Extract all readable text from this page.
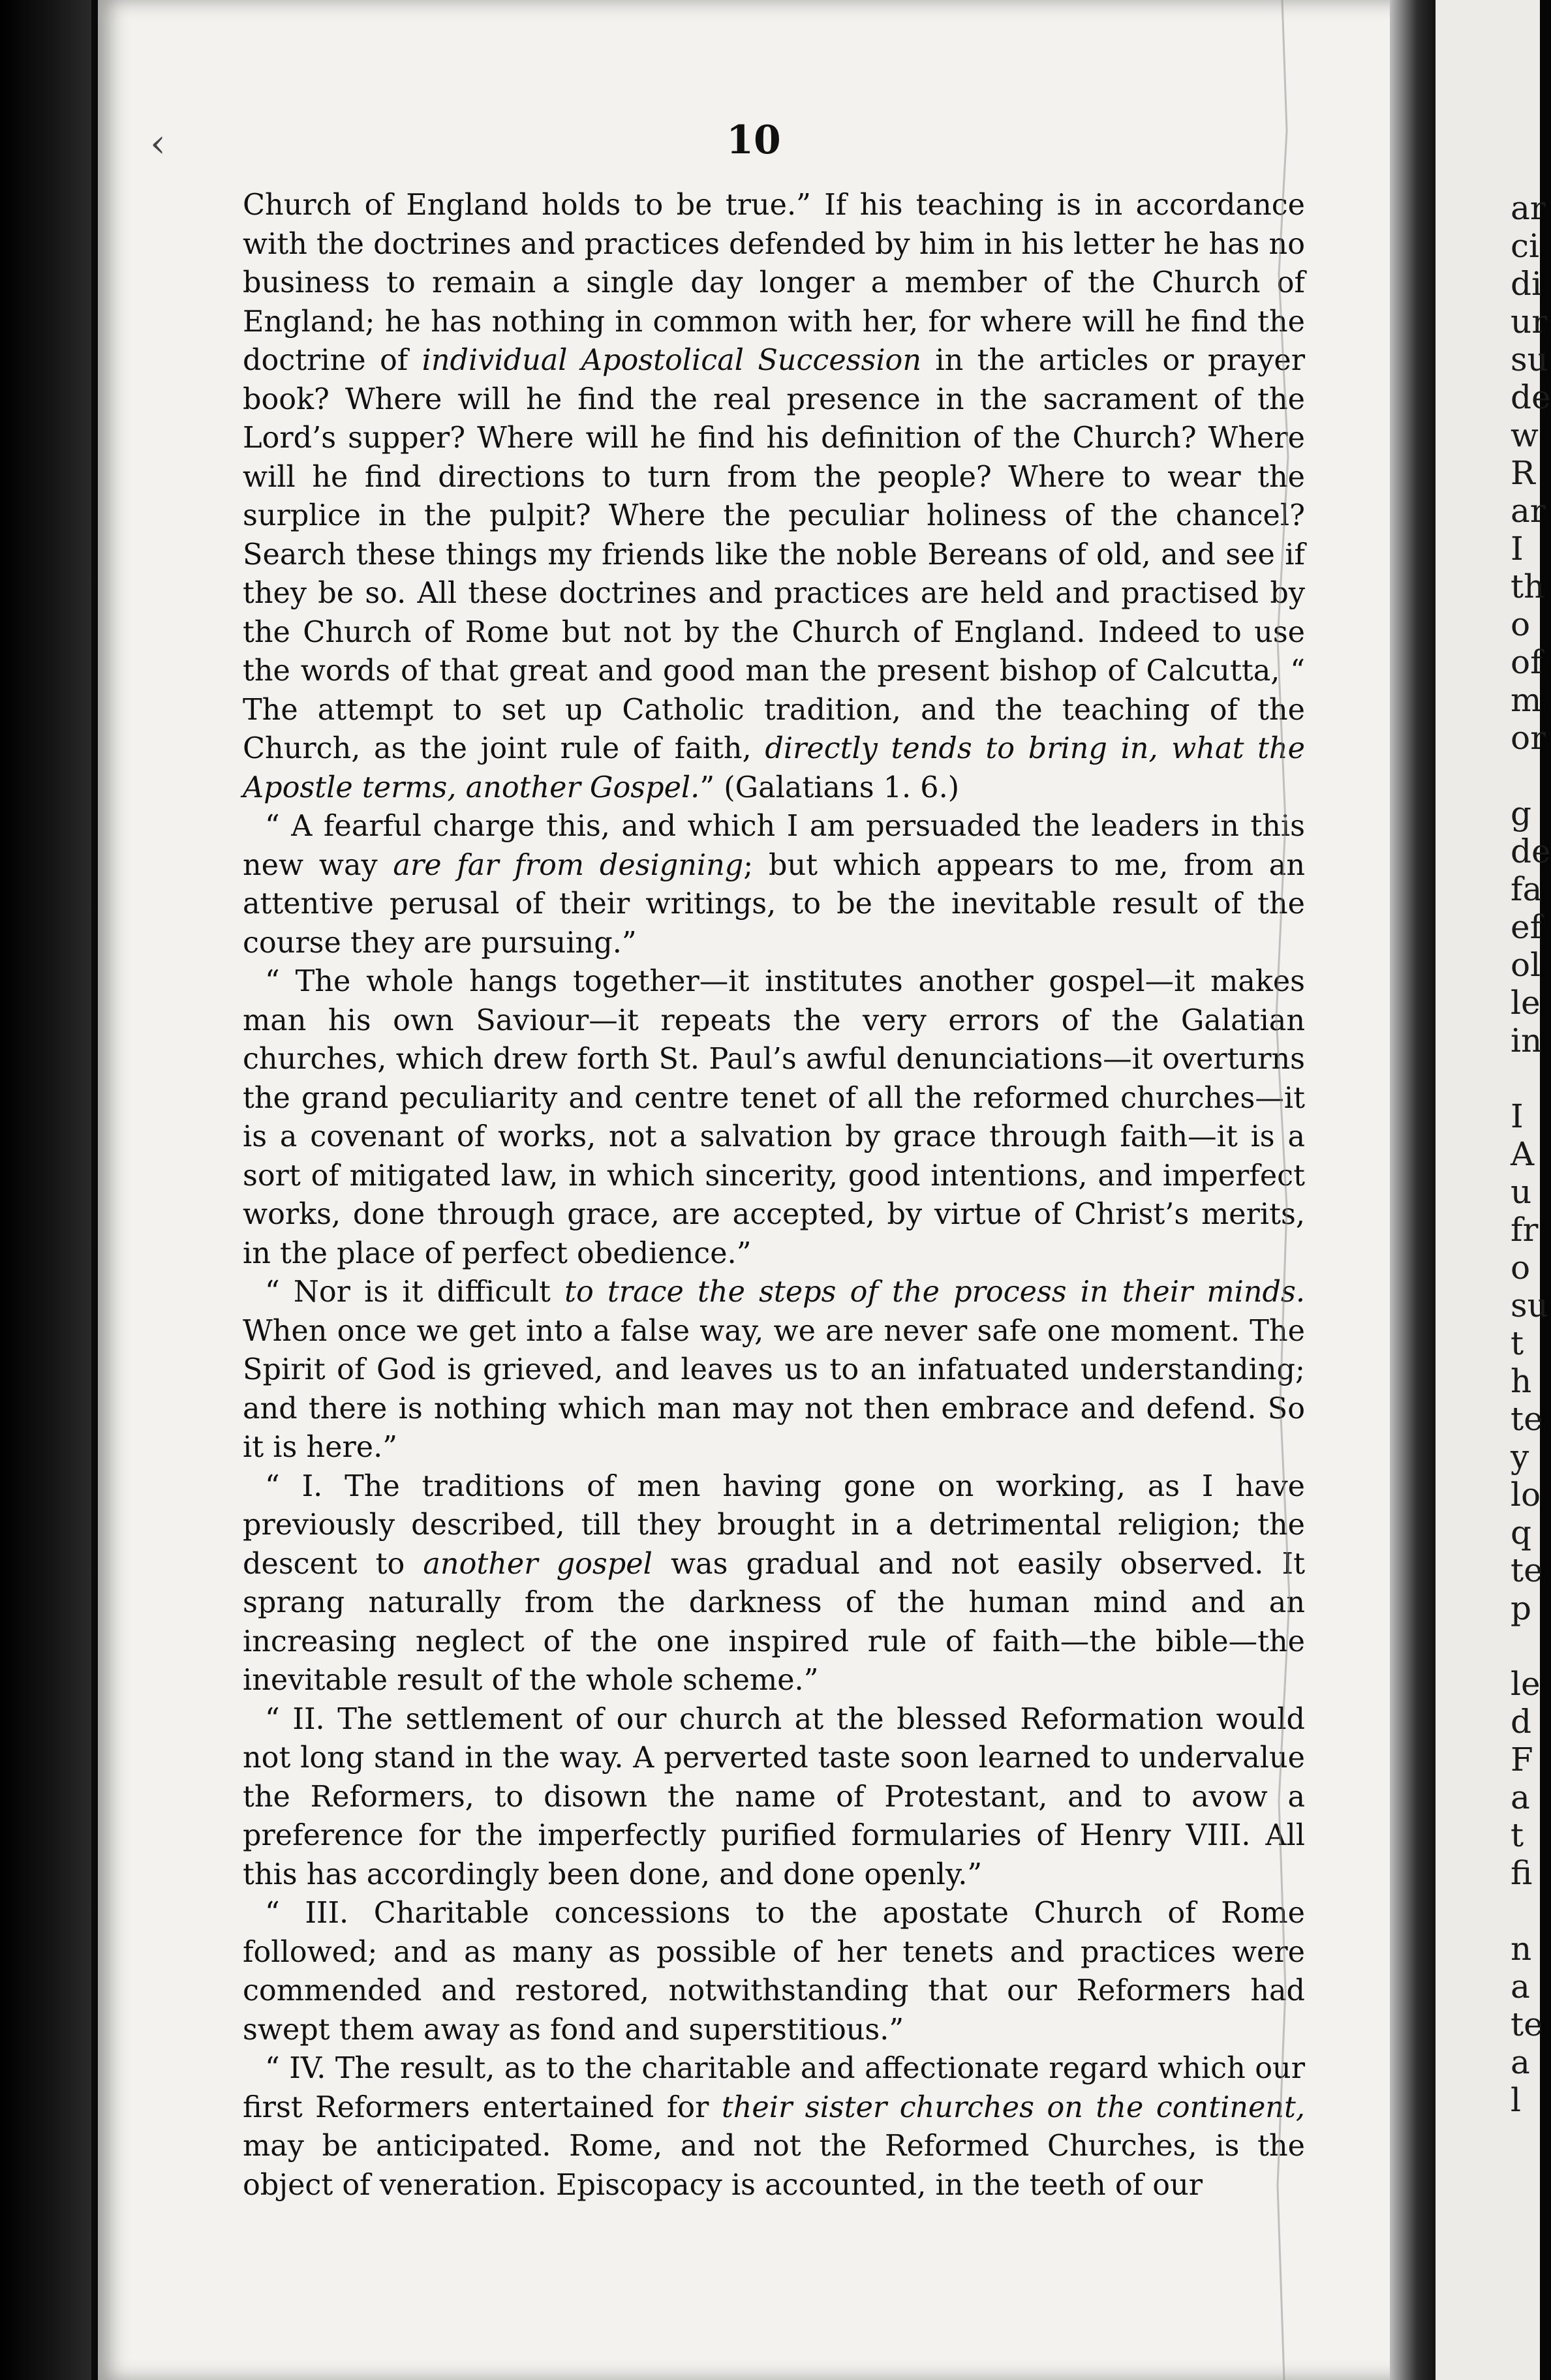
‹	10

Church of England holds to be true.” If his teaching is in accordance with the doctrines and practices defended by him in his letter he has no business to remain a single day longer a member of the Church of England; he has nothing in common with her, for where will he find the doctrine of individual Apostolical Succession in the articles or prayer book? Where will he find the real presence in the sacrament of the Lord’s supper? Where will he find his definition of the Church? Where will he find directions to turn from the people? Where to wear the surplice in the pulpit? Where the peculiar holiness of the chancel? Search these things my friends like the noble Bereans of old, and see if they be so. All these doctrines and practices are held and practised by the Church of Rome but not by the Church of England. Indeed to use the words of that great and good man the present bishop of Calcutta, “ The attempt to set up Catholic tradition, and the teaching of the Church, as the joint rule of faith, directly tends to bring in, what the Apostle terms, another Gospel.” (Galatians 1. 6.)

“ A fearful charge this, and which I am persuaded the leaders in this new way are far from designing; but which appears to me, from an attentive perusal of their writings, to be the inevitable result of the course they are pursuing.”

“ The whole hangs together—it institutes another gospel—it makes man his own Saviour—it repeats the very errors of the Galatian churches, which drew forth St. Paul’s awful denunciations—it overturns the grand peculiarity and centre tenet of all the reformed churches—it is a covenant of works, not a salvation by grace through faith—it is a sort of mitigated law, in which sincerity, good intentions, and imperfect works, done through grace, are accepted, by virtue of Christ’s merits, in the place of perfect obedience.”

“ Nor is it difficult to trace the steps of the process in their minds. When once we get into a false way, we are never safe one moment. The Spirit of God is grieved, and leaves us to an infatuated understanding; and there is nothing which man may not then embrace and defend. So it is here.”

“ I. The traditions of men having gone on working, as I have previously described, till they brought in a detrimental religion; the descent to another gospel was gradual and not easily observed. It sprang naturally from the darkness of the human mind and an increasing neglect of the one inspired rule of faith—the bible—the inevitable result of the whole scheme.”

“ II. The settlement of our church at the blessed Reformation would not long stand in the way. A perverted taste soon learned to undervalue the Reformers, to disown the name of Protestant, and to avow a preference for the imperfectly purified formularies of Henry VIII. All this has accordingly been done, and done openly.”

“ III. Charitable concessions to the apostate Church of Rome followed; and as many as possible of her tenets and practices were commended and restored, notwithstanding that our Reformers had swept them away as fond and superstitious.”

“ IV. The result, as to the charitable and affectionate regard which our first Reformers entertained for their sister churches on the continent, may be anticipated. Rome, and not the Reformed Churches, is the object of veneration. Episcopacy is accounted, in the teeth of our

ar
ci
di
ur
su
de
w
R
ar
I
th
o
of
m
or
g
de
fa
ef
ol
le
in
I
A
u
fr
o
su
t
h
te
y
lo
q
te
p
le
d
F
a
t
fi
n
a
te
a
l
